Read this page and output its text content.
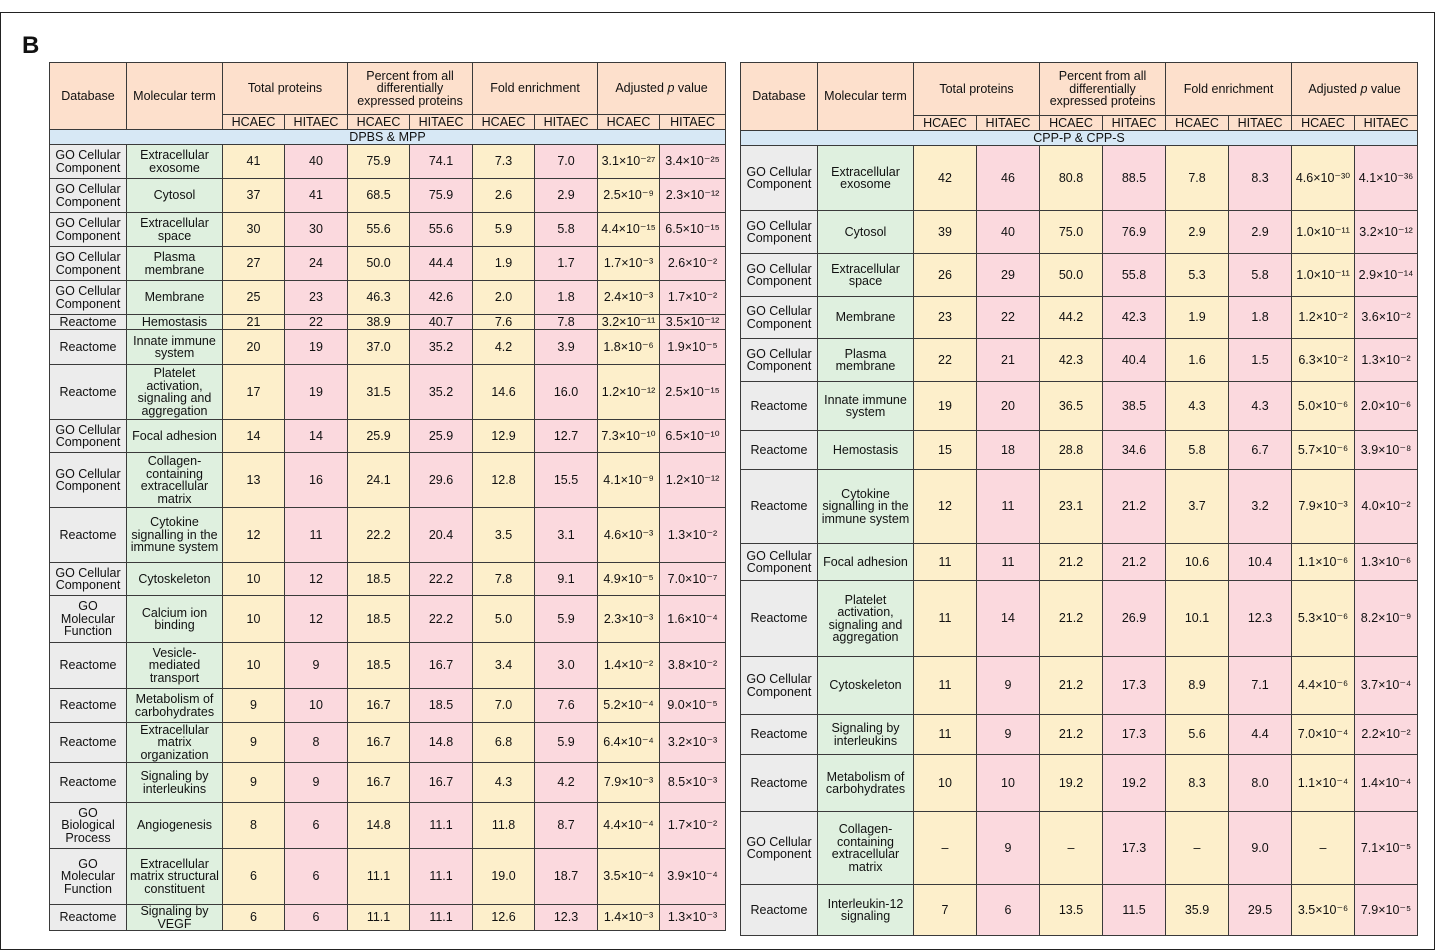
B
Database	Molecular term	Total proteins		Percent from all differentially expressed proteins		Fold enrichment		Adjusted p value	
		HCAEC	HITAEC	HCAEC	HITAEC	HCAEC	HITAEC	HCAEC	HITAEC
DPBS & MPP									
GO Cellular Component	Extracellular exosome	41	40	75.9	74.1	7.3	7.0	3.1×10⁻²⁷	3.4×10⁻²⁵
GO Cellular Component	Cytosol	37	41	68.5	75.9	2.6	2.9	2.5×10⁻⁹	2.3×10⁻¹²
GO Cellular Component	Extracellular space	30	30	55.6	55.6	5.9	5.8	4.4×10⁻¹⁵	6.5×10⁻¹⁵
GO Cellular Component	Plasma membrane	27	24	50.0	44.4	1.9	1.7	1.7×10⁻³	2.6×10⁻²
GO Cellular Component	Membrane	25	23	46.3	42.6	2.0	1.8	2.4×10⁻³	1.7×10⁻²
Reactome	Hemostasis	21	22	38.9	40.7	7.6	7.8	3.2×10⁻¹¹	3.5×10⁻¹²
Reactome	Innate immune system	20	19	37.0	35.2	4.2	3.9	1.8×10⁻⁶	1.9×10⁻⁵
Reactome	Platelet activation, signaling and aggregation	17	19	31.5	35.2	14.6	16.0	1.2×10⁻¹²	2.5×10⁻¹⁵
GO Cellular Component	Focal adhesion	14	14	25.9	25.9	12.9	12.7	7.3×10⁻¹⁰	6.5×10⁻¹⁰
GO Cellular Component	Collagen-containing extracellular matrix	13	16	24.1	29.6	12.8	15.5	4.1×10⁻⁹	1.2×10⁻¹²
Reactome	Cytokine signalling in the immune system	12	11	22.2	20.4	3.5	3.1	4.6×10⁻³	1.3×10⁻²
GO Cellular Component	Cytoskeleton	10	12	18.5	22.2	7.8	9.1	4.9×10⁻⁵	7.0×10⁻⁷
GO Molecular Function	Calcium ion binding	10	12	18.5	22.2	5.0	5.9	2.3×10⁻³	1.6×10⁻⁴
Reactome	Vesicle-mediated transport	10	9	18.5	16.7	3.4	3.0	1.4×10⁻²	3.8×10⁻²
Reactome	Metabolism of carbohydrates	9	10	16.7	18.5	7.0	7.6	5.2×10⁻⁴	9.0×10⁻⁵
Reactome	Extracellular matrix organization	9	8	16.7	14.8	6.8	5.9	6.4×10⁻⁴	3.2×10⁻³
Reactome	Signaling by interleukins	9	9	16.7	16.7	4.3	4.2	7.9×10⁻³	8.5×10⁻³
GO Biological Process	Angiogenesis	8	6	14.8	11.1	11.8	8.7	4.4×10⁻⁴	1.7×10⁻²
GO Molecular Function	Extracellular matrix structural constituent	6	6	11.1	11.1	19.0	18.7	3.5×10⁻⁴	3.9×10⁻⁴
Reactome	Signaling by VEGF	6	6	11.1	11.1	12.6	12.3	1.4×10⁻³	1.3×10⁻³
Database	Molecular term	Total proteins		Percent from all differentially expressed proteins		Fold enrichment		Adjusted p value	
		HCAEC	HITAEC	HCAEC	HITAEC	HCAEC	HITAEC	HCAEC	HITAEC
CPP-P & CPP-S									
GO Cellular Component	Extracellular exosome	42	46	80.8	88.5	7.8	8.3	4.6×10⁻³⁰	4.1×10⁻³⁶
GO Cellular Component	Cytosol	39	40	75.0	76.9	2.9	2.9	1.0×10⁻¹¹	3.2×10⁻¹²
GO Cellular Component	Extracellular space	26	29	50.0	55.8	5.3	5.8	1.0×10⁻¹¹	2.9×10⁻¹⁴
GO Cellular Component	Membrane	23	22	44.2	42.3	1.9	1.8	1.2×10⁻²	3.6×10⁻²
GO Cellular Component	Plasma membrane	22	21	42.3	40.4	1.6	1.5	6.3×10⁻²	1.3×10⁻²
Reactome	Innate immune system	19	20	36.5	38.5	4.3	4.3	5.0×10⁻⁶	2.0×10⁻⁶
Reactome	Hemostasis	15	18	28.8	34.6	5.8	6.7	5.7×10⁻⁶	3.9×10⁻⁸
Reactome	Cytokine signalling in the immune system	12	11	23.1	21.2	3.7	3.2	7.9×10⁻³	4.0×10⁻²
GO Cellular Component	Focal adhesion	11	11	21.2	21.2	10.6	10.4	1.1×10⁻⁶	1.3×10⁻⁶
Reactome	Platelet activation, signaling and aggregation	11	14	21.2	26.9	10.1	12.3	5.3×10⁻⁶	8.2×10⁻⁹
GO Cellular Component	Cytoskeleton	11	9	21.2	17.3	8.9	7.1	4.4×10⁻⁶	3.7×10⁻⁴
Reactome	Signaling by interleukins	11	9	21.2	17.3	5.6	4.4	7.0×10⁻⁴	2.2×10⁻²
Reactome	Metabolism of carbohydrates	10	10	19.2	19.2	8.3	8.0	1.1×10⁻⁴	1.4×10⁻⁴
GO Cellular Component	Collagen-containing extracellular matrix	–	9	–	17.3	–	9.0	–	7.1×10⁻⁵
Reactome	Interleukin-12 signaling	7	6	13.5	11.5	35.9	29.5	3.5×10⁻⁶	7.9×10⁻⁵
